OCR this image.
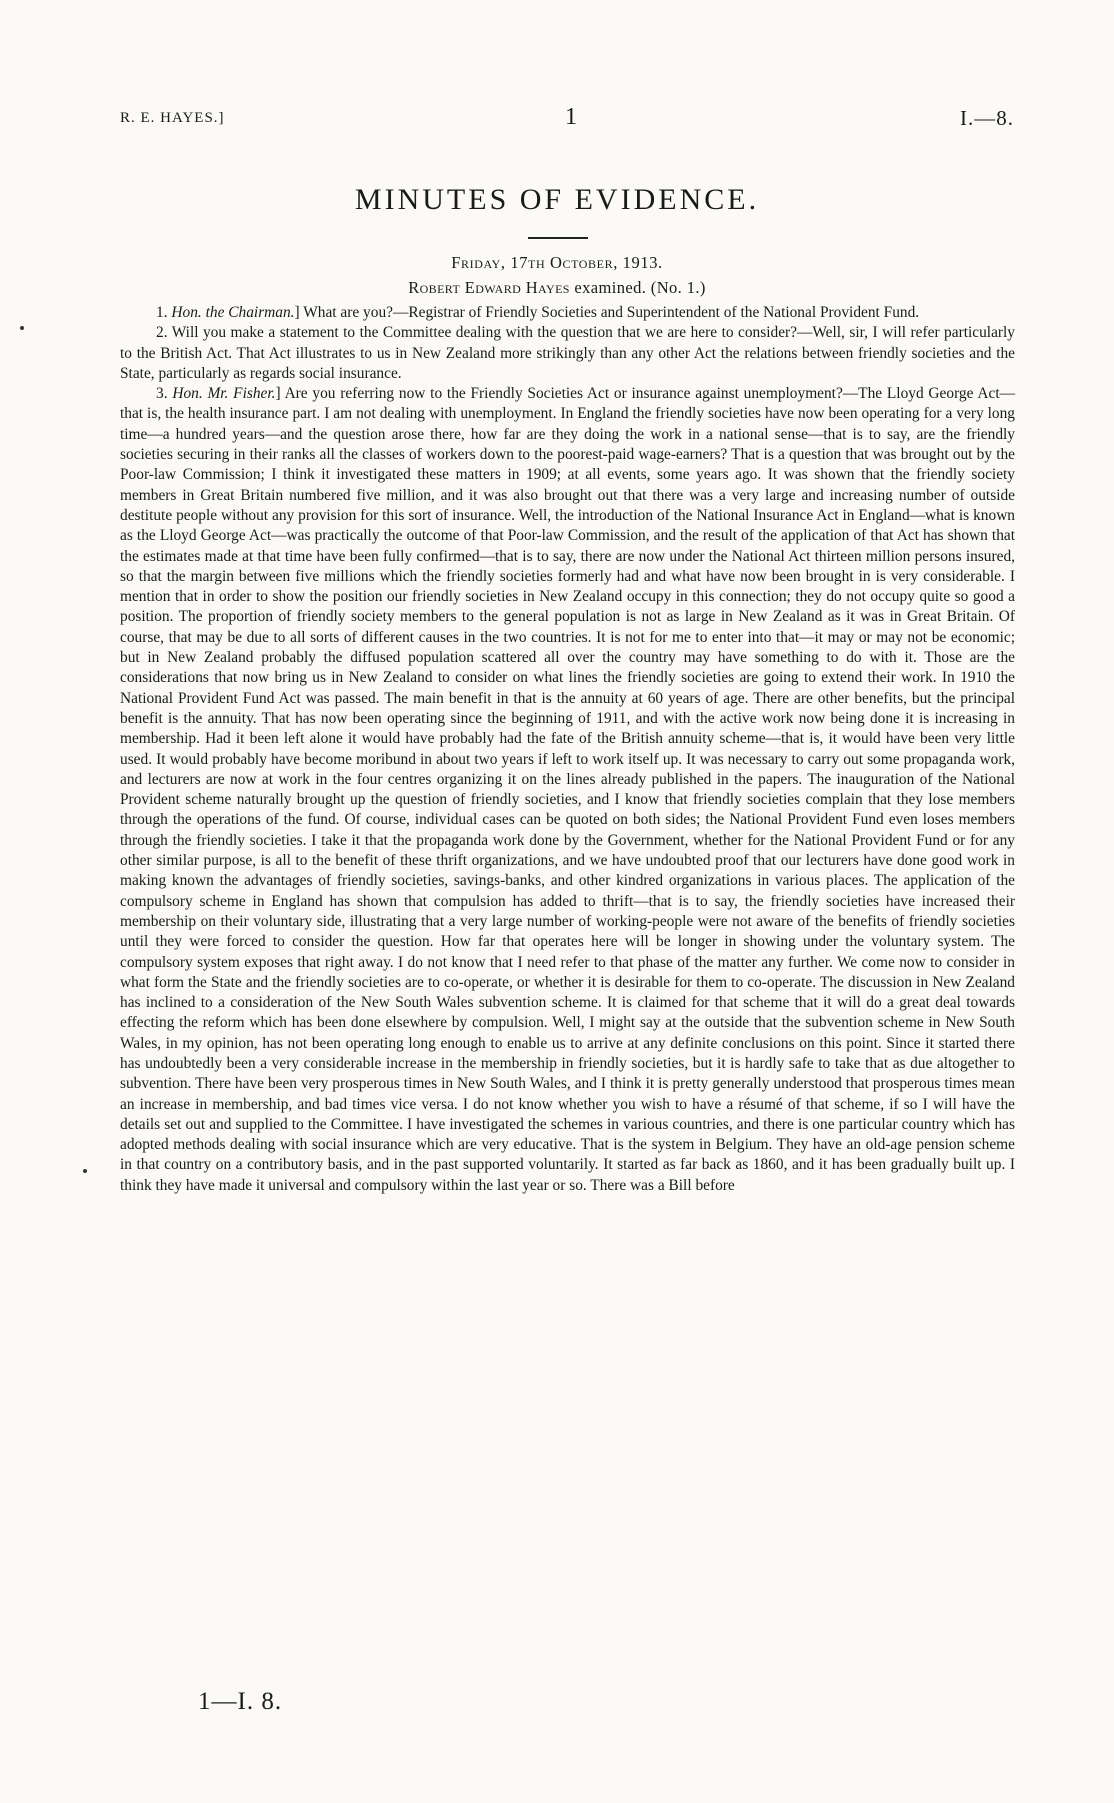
R. E. HAYES.]	1	I.—8.
MINUTES OF EVIDENCE.
Friday, 17th October, 1913.
Robert Edward Hayes examined. (No. 1.)

1. Hon. the Chairman.] What are you?—Registrar of Friendly Societies and Superintendent of the National Provident Fund.

2. Will you make a statement to the Committee dealing with the question that we are here to consider?—Well, sir, I will refer particularly to the British Act. That Act illustrates to us in New Zealand more strikingly than any other Act the relations between friendly societies and the State, particularly as regards social insurance.

3. Hon. Mr. Fisher.] Are you referring now to the Friendly Societies Act or insurance against unemployment?—The Lloyd George Act—that is, the health insurance part. I am not dealing with unemployment. In England the friendly societies have now been operating for a very long time—a hundred years—and the question arose there, how far are they doing the work in a national sense—that is to say, are the friendly societies securing in their ranks all the classes of workers down to the poorest-paid wage-earners? That is a question that was brought out by the Poor-law Commission; I think it investigated these matters in 1909; at all events, some years ago. It was shown that the friendly society members in Great Britain numbered five million, and it was also brought out that there was a very large and increasing number of outside destitute people without any provision for this sort of insurance. Well, the introduction of the National Insurance Act in England—what is known as the Lloyd George Act—was practically the outcome of that Poor-law Commission, and the result of the application of that Act has shown that the estimates made at that time have been fully confirmed—that is to say, there are now under the National Act thirteen million persons insured, so that the margin between five millions which the friendly societies formerly had and what have now been brought in is very considerable. I mention that in order to show the position our friendly societies in New Zealand occupy in this connection; they do not occupy quite so good a position. The proportion of friendly society members to the general population is not as large in New Zealand as it was in Great Britain. Of course, that may be due to all sorts of different causes in the two countries. It is not for me to enter into that—it may or may not be economic; but in New Zealand probably the diffused population scattered all over the country may have something to do with it. Those are the considerations that now bring us in New Zealand to consider on what lines the friendly societies are going to extend their work. In 1910 the National Provident Fund Act was passed. The main benefit in that is the annuity at 60 years of age. There are other benefits, but the principal benefit is the annuity. That has now been operating since the beginning of 1911, and with the active work now being done it is increasing in membership. Had it been left alone it would have probably had the fate of the British annuity scheme—that is, it would have been very little used. It would probably have become moribund in about two years if left to work itself up. It was necessary to carry out some propaganda work, and lecturers are now at work in the four centres organizing it on the lines already published in the papers. The inauguration of the National Provident scheme naturally brought up the question of friendly societies, and I know that friendly societies complain that they lose members through the operations of the fund. Of course, individual cases can be quoted on both sides; the National Provident Fund even loses members through the friendly societies. I take it that the propaganda work done by the Government, whether for the National Provident Fund or for any other similar purpose, is all to the benefit of these thrift organizations, and we have undoubted proof that our lecturers have done good work in making known the advantages of friendly societies, savings-banks, and other kindred organizations in various places. The application of the compulsory scheme in England has shown that compulsion has added to thrift—that is to say, the friendly societies have increased their membership on their voluntary side, illustrating that a very large number of working-people were not aware of the benefits of friendly societies until they were forced to consider the question. How far that operates here will be longer in showing under the voluntary system. The compulsory system exposes that right away. I do not know that I need refer to that phase of the matter any further. We come now to consider in what form the State and the friendly societies are to co-operate, or whether it is desirable for them to co-operate. The discussion in New Zealand has inclined to a consideration of the New South Wales subvention scheme. It is claimed for that scheme that it will do a great deal towards effecting the reform which has been done elsewhere by compulsion. Well, I might say at the outside that the subvention scheme in New South Wales, in my opinion, has not been operating long enough to enable us to arrive at any definite conclusions on this point. Since it started there has undoubtedly been a very considerable increase in the membership in friendly societies, but it is hardly safe to take that as due altogether to subvention. There have been very prosperous times in New South Wales, and I think it is pretty generally understood that prosperous times mean an increase in membership, and bad times vice versa. I do not know whether you wish to have a résumé of that scheme, if so I will have the details set out and supplied to the Committee. I have investigated the schemes in various countries, and there is one particular country which has adopted methods dealing with social insurance which are very educative. That is the system in Belgium. They have an old-age pension scheme in that country on a contributory basis, and in the past supported voluntarily. It started as far back as 1860, and it has been gradually built up. I think they have made it universal and compulsory within the last year or so. There was a Bill before

1—I. 8.
